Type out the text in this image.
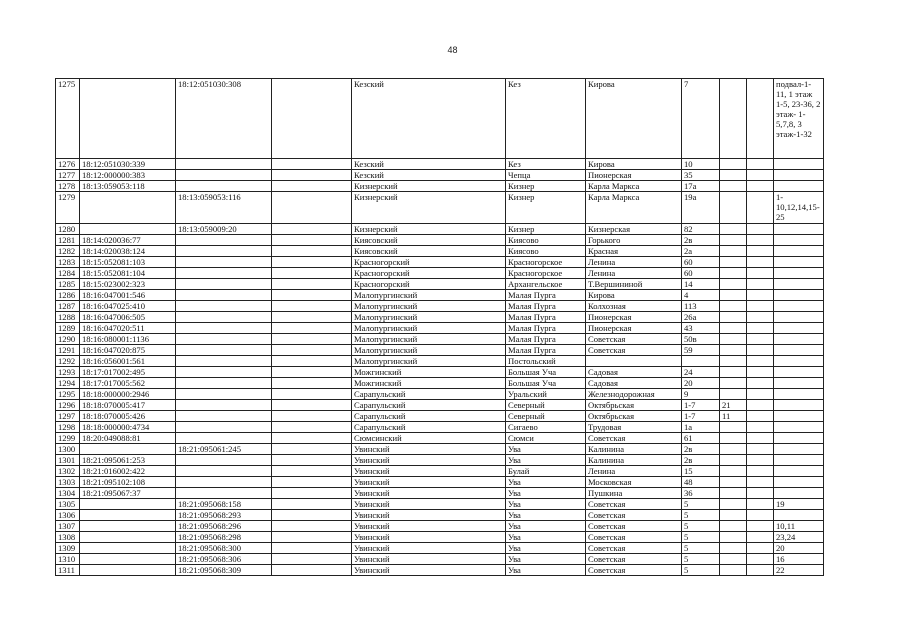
48
1275		18:12:051030:308		Кезский	Кез	Кирова	7			подвал-1-11, 1 этаж 1-5, 23-36, 2 этаж- 1-5,7,8, 3 этаж-1-32
1276	18:12:051030:339			Кезский	Кез	Кирова	10			
1277	18:12:000000:383			Кезский	Чепца	Пионерская	35			
1278	18:13:059053:118			Кизнерский	Кизнер	Карла Маркса	17а			
1279		18:13:059053:116		Кизнерский	Кизнер	Карла Маркса	19а			1-10,12,14,15-25
1280		18:13:059009:20		Кизнерский	Кизнер	Кизнерская	82			
1281	18:14:020036:77			Киясовский	Киясово	Горького	2в			
1282	18:14:020038:124			Киясовский	Киясово	Красная	2а			
1283	18:15:052081:103			Красногорский	Красногорское	Ленина	60			
1284	18:15:052081:104			Красногорский	Красногорское	Ленина	60			
1285	18:15:023002:323			Красногорский	Архангельское	Т.Вершининой	14			
1286	18:16:047001:546			Малопургинский	Малая Пурга	Кирова	4			
1287	18:16:047025:410			Малопургинский	Малая Пурга	Колхозная	113			
1288	18:16:047006:505			Малопургинский	Малая Пурга	Пионерская	26а			
1289	18:16:047020:511			Малопургинский	Малая Пурга	Пионерская	43			
1290	18:16:080001:1136			Малопургинский	Малая Пурга	Советская	50в			
1291	18:16:047020:875			Малопургинский	Малая Пурга	Советская	59			
1292	18:16:056001:561			Малопургинский	Постольский					
1293	18:17:017002:495			Можгинский	Большая Уча	Садовая	24			
1294	18:17:017005:562			Можгинский	Большая Уча	Садовая	20			
1295	18:18:000000:2946			Сарапульский	Уральский	Железнодорожная	9			
1296	18:18:070005:417			Сарапульский	Северный	Октябрьская	1-7	21		
1297	18:18:070005:426			Сарапульский	Северный	Октябрьская	1-7	11		
1298	18:18:000000:4734			Сарапульский	Сигаево	Трудовая	1а			
1299	18:20:049088:81			Сюмсинский	Сюмси	Советская	61			
1300		18:21:095061:245		Увинский	Ува	Калинина	2в			
1301	18:21:095061:253			Увинский	Ува	Калинина	2в			
1302	18:21:016002:422			Увинский	Булай	Ленина	15			
1303	18:21:095102:108			Увинский	Ува	Московская	48			
1304	18:21:095067:37			Увинский	Ува	Пушкина	36			
1305		18:21:095068:158		Увинский	Ува	Советская	5			19
1306		18:21:095068:293		Увинский	Ува	Советская	5			
1307		18:21:095068:296		Увинский	Ува	Советская	5			10,11
1308		18:21:095068:298		Увинский	Ува	Советская	5			23,24
1309		18:21:095068:300		Увинский	Ува	Советская	5			20
1310		18:21:095068:306		Увинский	Ува	Советская	5			16
1311		18:21:095068:309		Увинский	Ува	Советская	5			22
